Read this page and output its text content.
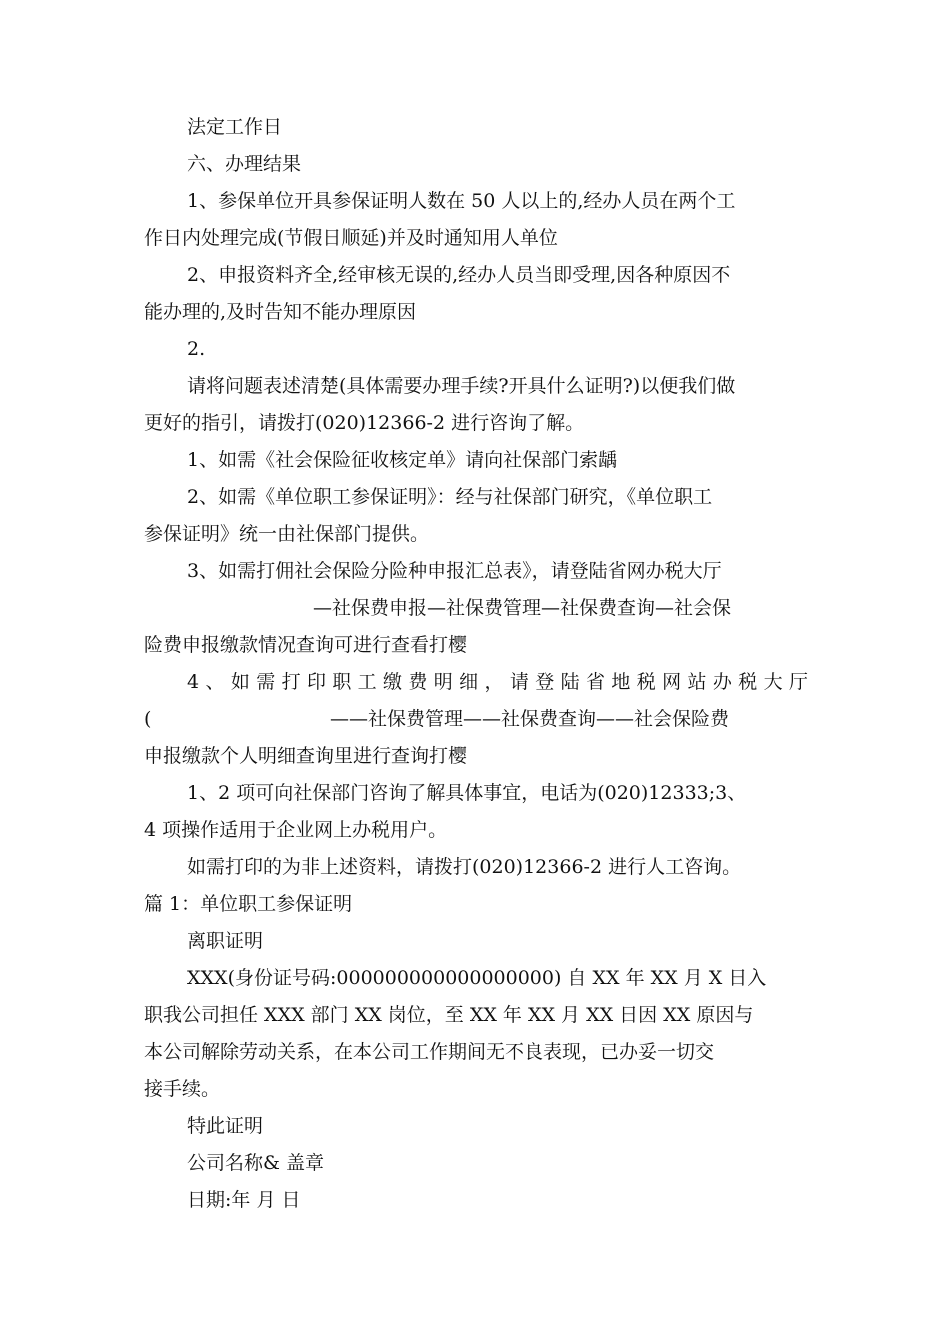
法定工作日
六、办理结果
1、参保单位开具参保证明人数在 50 人以上的,经办人员在两个工
作日内处理完成(节假日顺延)并及时通知用人单位
2、申报资料齐全,经审核无误的,经办人员当即受理,因各种原因不
能办理的,及时告知不能办理原因
2.
请将问题表述清楚(具体需要办理手续?开具什么证明?)以便我们做
更好的指引，请拨打(020)12366-2 进行咨询了解。
1、如需《社会保险征收核定单》请向社保部门索龋
2、如需《单位职工参保证明》：经与社保部门研究，《单位职工
参保证明》统一由社保部门提供。
3、如需打佣社会保险分险种申报汇总表》，请登陆省网办税大厅
—社保费申报—社保费管理—社保费查询—社会保
险费申报缴款情况查询可进行查看打樱
4、如需打印职工缴费明细，请登陆省地税网站办税大厅
(	——社保费管理——社保费查询——社会保险费
申报缴款个人明细查询里进行查询打樱
1、2 项可向社保部门咨询了解具体事宜，电话为(020)12333;3、
4 项操作适用于企业网上办税用户。
如需打印的为非上述资料，请拨打(020)12366-2 进行人工咨询。
篇 1：单位职工参保证明
离职证明
XXX(身份证号码:000000000000000000) 自 XX 年 XX 月 X 日入
职我公司担任 XXX 部门 XX 岗位，至 XX 年 XX 月 XX 日因 XX 原因与
本公司解除劳动关系，在本公司工作期间无不良表现，已办妥一切交
接手续。
特此证明
公司名称& 盖章
日期:年 月 日
